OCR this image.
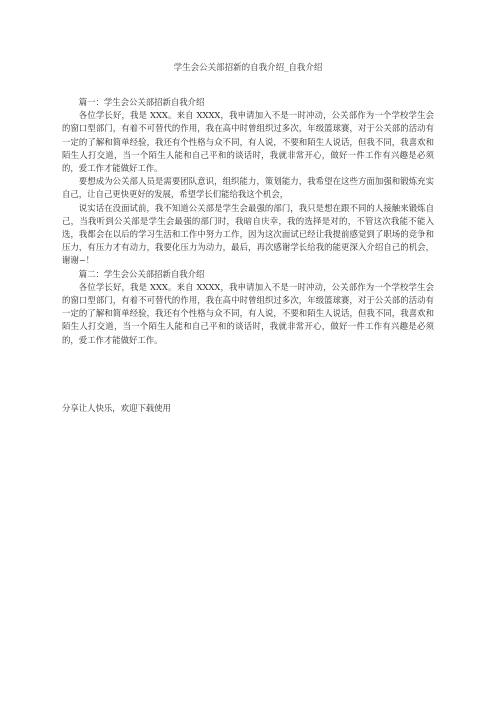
学生会公关部招新的自我介绍_自我介绍

篇一：学生会公关部招新自我介绍

各位学长好，我是 XXX。来自 XXXX，我申请加入不是一时冲动，公关部作为一个学校学生会的窗口型部门，有着不可替代的作用，我在高中时曾组织过多次，年级篮球赛，对于公关部的活动有一定的了解和简单经验，我还有个性格与众不同，有人说，不要和陌生人说话，但我不同，我喜欢和陌生人打交道，当一个陌生人能和自己平和的谈话时，我就非常开心，做好一件工作有兴趣是必须的，爱工作才能做好工作。

要想成为公关部人员是需要团队意识，组织能力，策划能力，我希望在这些方面加强和锻炼充实自己，让自己更快更好的发展，希望学长们能给我这个机会，

说实话在没面试前，我不知道公关部是学生会最强的部门，我只是想在跟不同的人接触来锻炼自己，当我听到公关部是学生会最强的部门时，我暗自庆幸，我的选择是对的，不管这次我能不能入选，我都会在以后的学习生活和工作中努力工作，因为这次面试已经让我提前感觉到了职场的竞争和压力，有压力才有动力，我要化压力为动力，最后，再次感谢学长给我的能更深入介绍自己的机会，谢谢~！

篇二：学生会公关部招新自我介绍

各位学长好，我是 XXX。来自 XXXX，我申请加入不是一时冲动，公关部作为一个学校学生会的窗口型部门，有着不可替代的作用，我在高中时曾组织过多次，年级篮球赛，对于公关部的活动有一定的了解和简单经验，我还有个性格与众不同，有人说，不要和陌生人说话，但我不同，我喜欢和陌生人打交道，当一个陌生人能和自己平和的谈话时，我就非常开心，做好一件工作有兴趣是必须的，爱工作才能做好工作。

分享让人快乐，欢迎下载使用
